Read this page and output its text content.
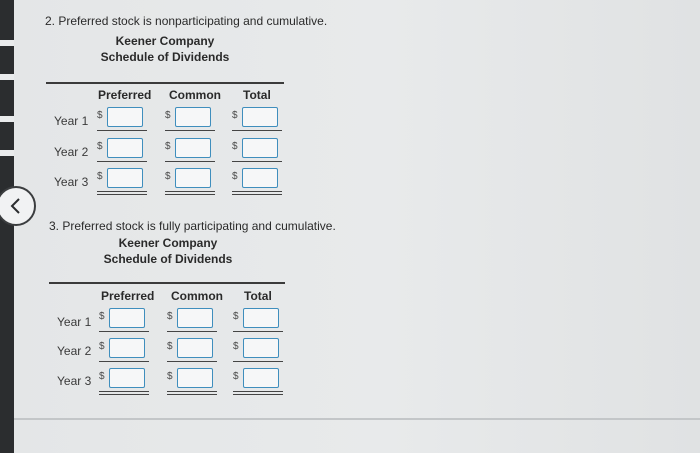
2. Preferred stock is nonparticipating and cumulative.
Keener Company
Schedule of Dividends
Preferred Common Total
Year 1 $	$	$
Year 2 $	$	$
Year 3 $	$	$
3. Preferred stock is fully participating and cumulative.
Keener Company
Schedule of Dividends
Preferred Common Total
Year 1 $	$	$
Year 2 $	$	$
Year 3 $	$	$
